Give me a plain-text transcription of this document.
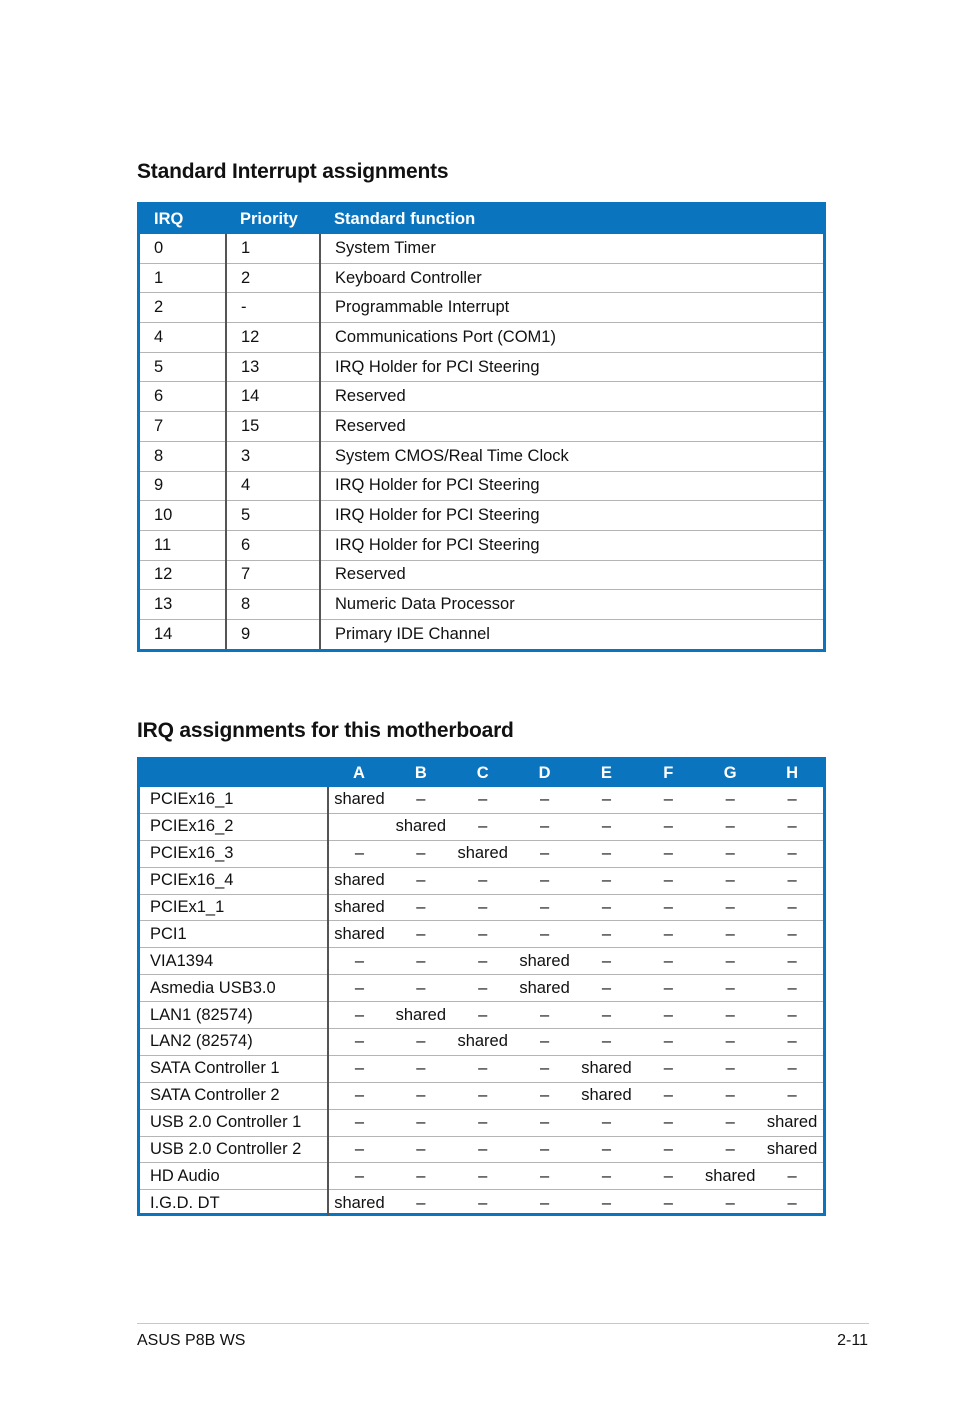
Standard Interrupt assignments
IRQ	Priority	Standard function
0	1	System Timer
1	2	Keyboard Controller
2	-	Programmable Interrupt
4	12	Communications Port (COM1)
5	13	IRQ Holder for PCI Steering
6	14	Reserved
7	15	Reserved
8	3	System CMOS/Real Time Clock
9	4	IRQ Holder for PCI Steering
10	5	IRQ Holder for PCI Steering
11	6	IRQ Holder for PCI Steering
12	7	Reserved
13	8	Numeric Data Processor
14	9	Primary IDE Channel
IRQ assignments for this motherboard
	A	B	C	D	E	F	G	H
PCIEx16_1	shared	–	–	–	–	–	–	–
PCIEx16_2		shared	–	–	–	–	–	–
PCIEx16_3	–	–	shared	–	–	–	–	–
PCIEx16_4	shared	–	–	–	–	–	–	–
PCIEx1_1	shared	–	–	–	–	–	–	–
PCI1	shared	–	–	–	–	–	–	–
VIA1394	–	–	–	shared	–	–	–	–
Asmedia USB3.0	–	–	–	shared	–	–	–	–
LAN1 (82574)	–	shared	–	–	–	–	–	–
LAN2 (82574)	–	–	shared	–	–	–	–	–
SATA Controller 1	–	–	–	–	shared	–	–	–
SATA Controller 2	–	–	–	–	shared	–	–	–
USB 2.0 Controller 1	–	–	–	–	–	–	–	shared
USB 2.0 Controller 2	–	–	–	–	–	–	–	shared
HD Audio	–	–	–	–	–	–	shared	–
I.G.D. DT	shared	–	–	–	–	–	–	–
ASUS P8B WS	2-11
